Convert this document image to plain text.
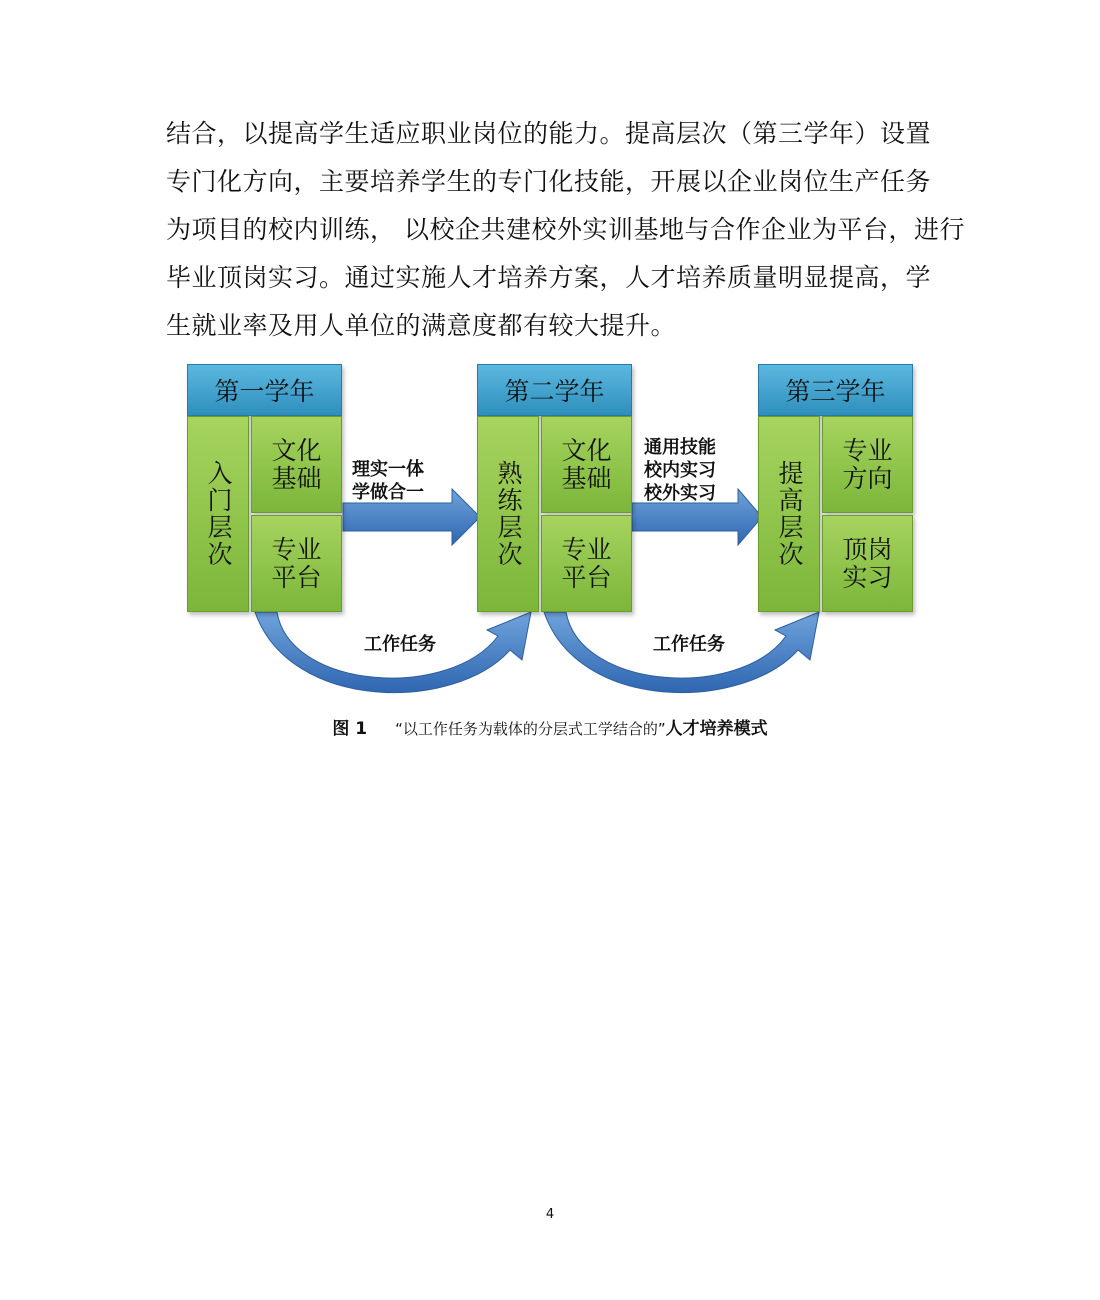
结合，以提高学生适应职业岗位的能力。提高层次（第三学年）设置
专门化方向，主要培养学生的专门化技能，开展以企业岗位生产任务
为项目的校内训练， 以校企共建校外实训基地与合作企业为平台，进行
毕业顶岗实习。通过实施人才培养方案，人才培养质量明显提高，学
生就业率及用人单位的满意度都有较大提升。
第一学年
入门层次
文化基础
专业平台
第二学年
熟练层次
文化基础
专业平台
第三学年
提高层次
专业方向
顶岗实习
理实一体
学做合一
通用技能
校内实习
校外实习
工作任务	工作任务
图 1 “以工作任务为载体的分层式工学结合的”人才培养模式
4
